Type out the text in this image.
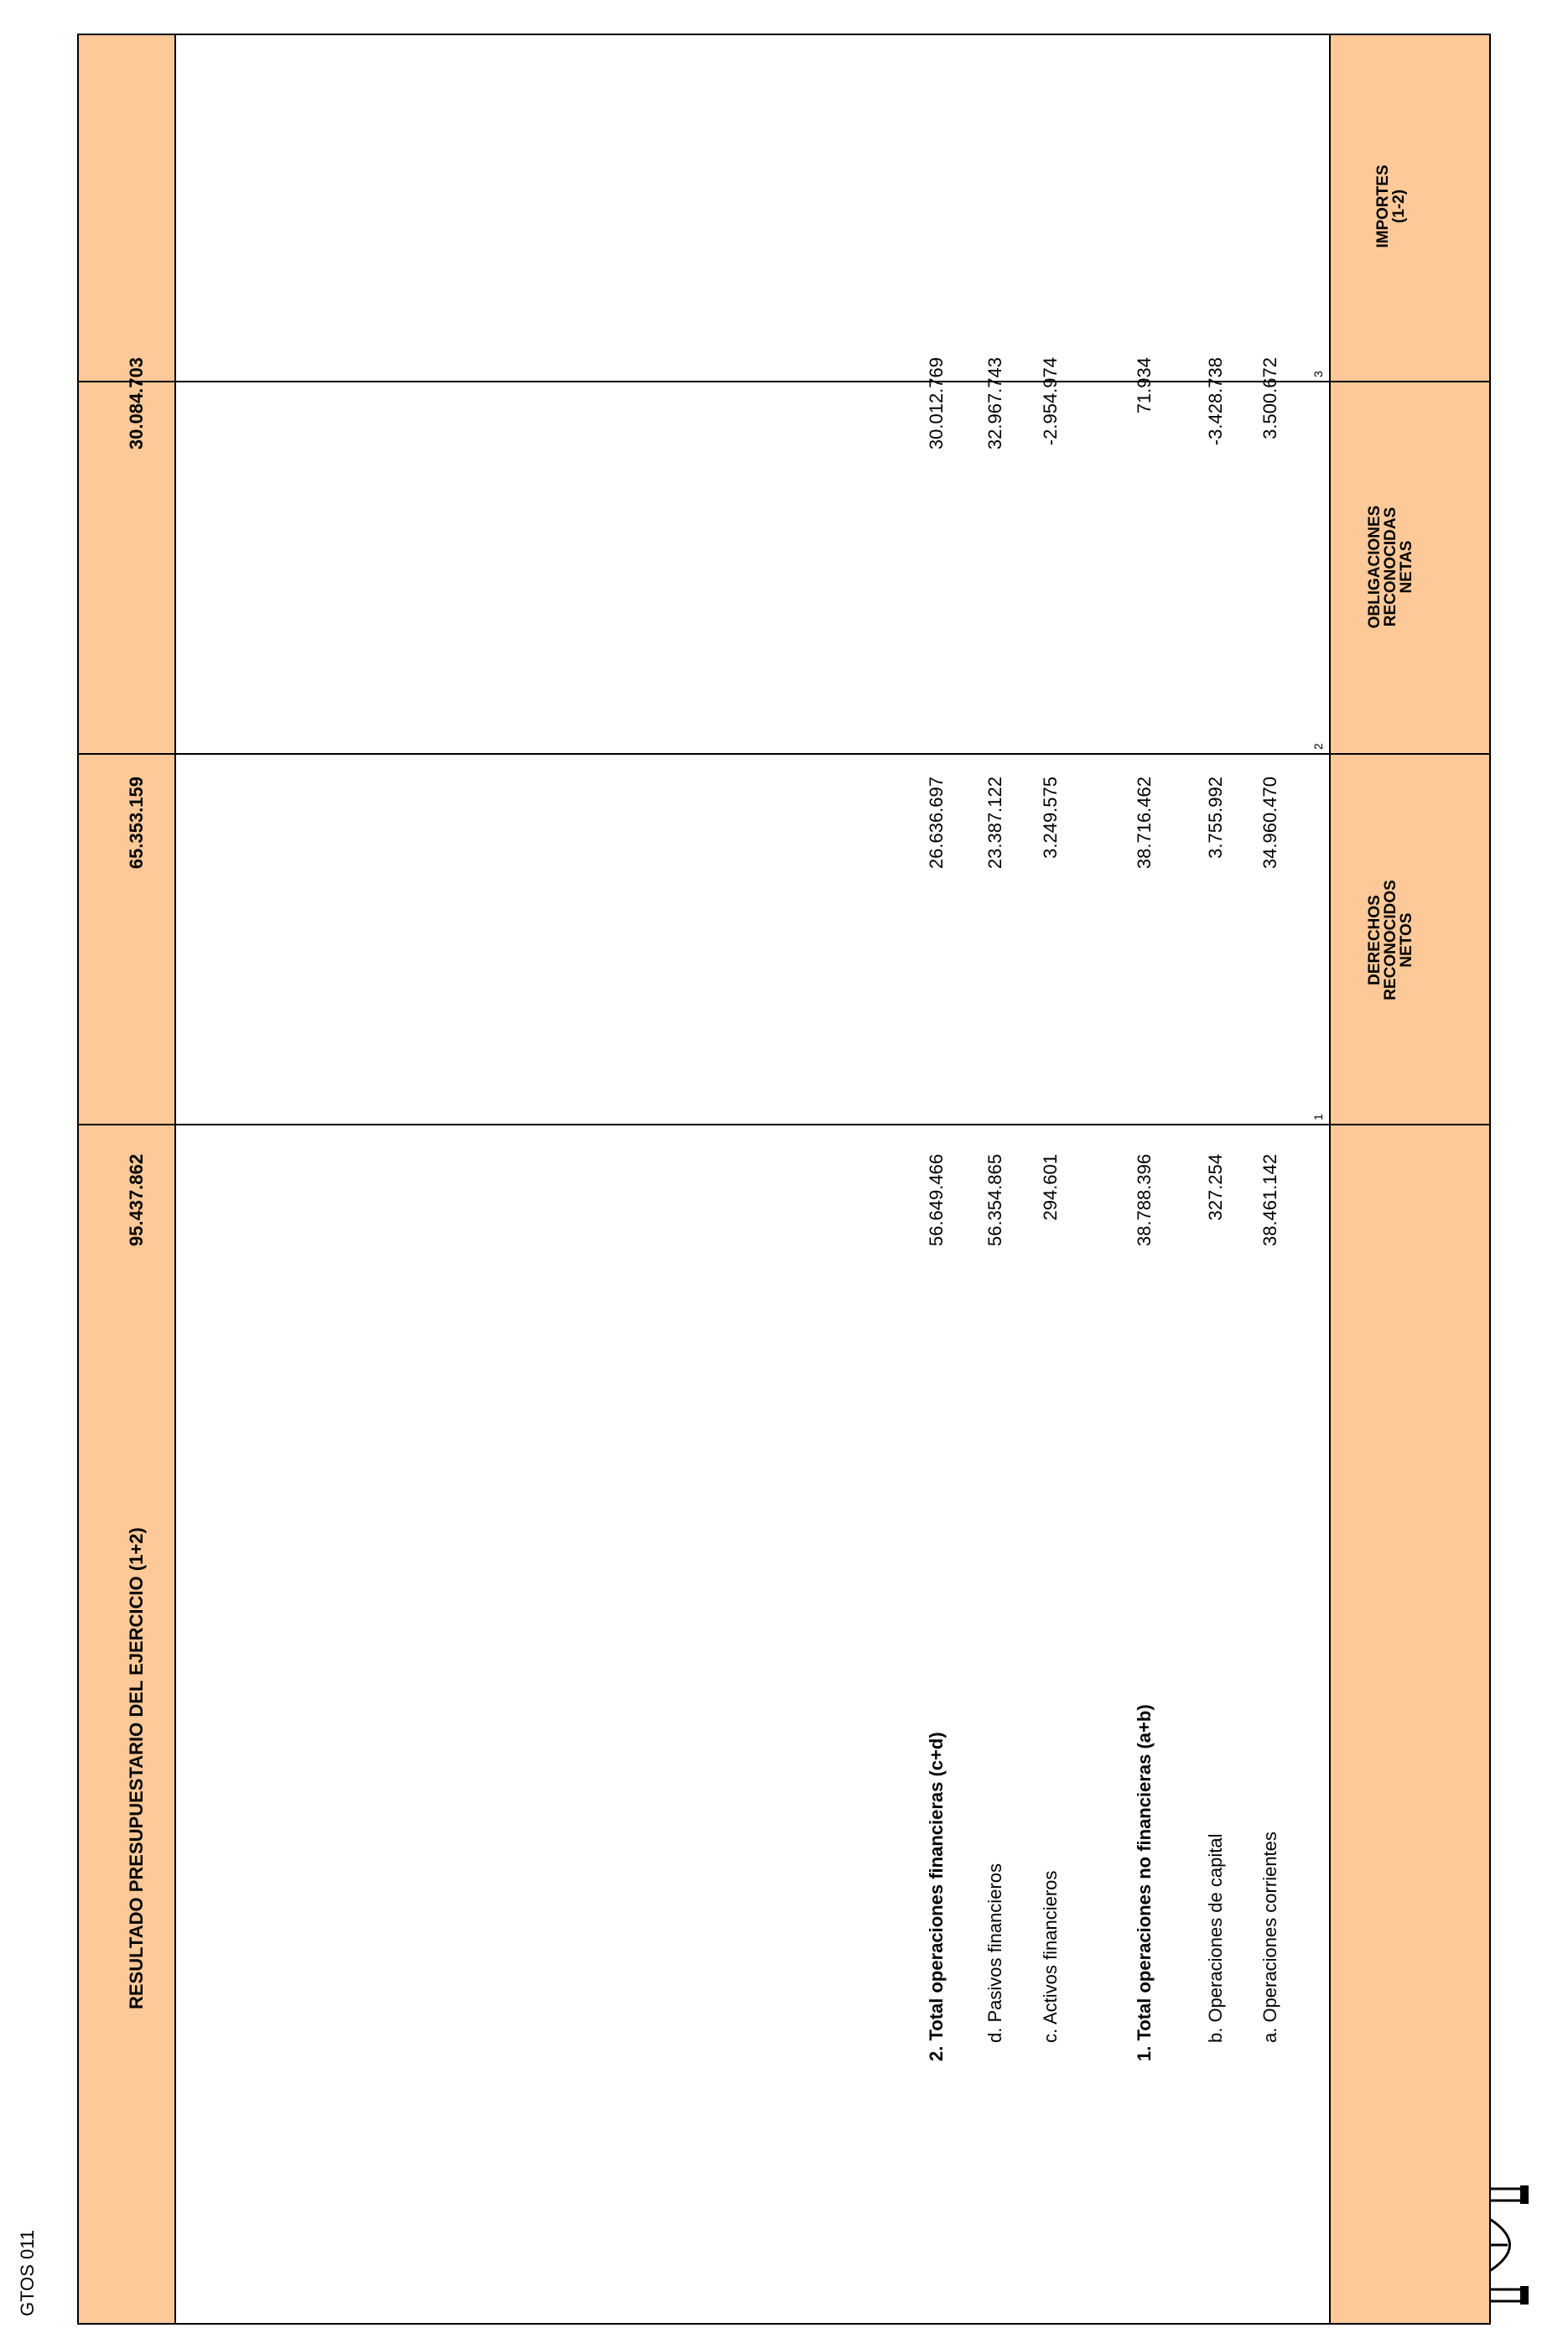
GTOS 011
DERECHOS
RECONOCIDOS
NETOS
OBLIGACIONES
RECONOCIDAS
NETAS
IMPORTES
(1-2)
1
2
3
a. Operaciones corrientes
38.461.142
34.960.470
3.500.672
b. Operaciones de capital
327.254
3.755.992
-3.428.738
1. Total operaciones no financieras (a+b)
38.788.396
38.716.462
71.934
c. Activos financieros
294.601
3.249.575
-2.954.974
d. Pasivos financieros
56.354.865
23.387.122
32.967.743
2. Total operaciones financieras (c+d)
56.649.466
26.636.697
30.012.769
RESULTADO PRESUPUESTARIO DEL EJERCICIO (1+2)
95.437.862
65.353.159
30.084.703
